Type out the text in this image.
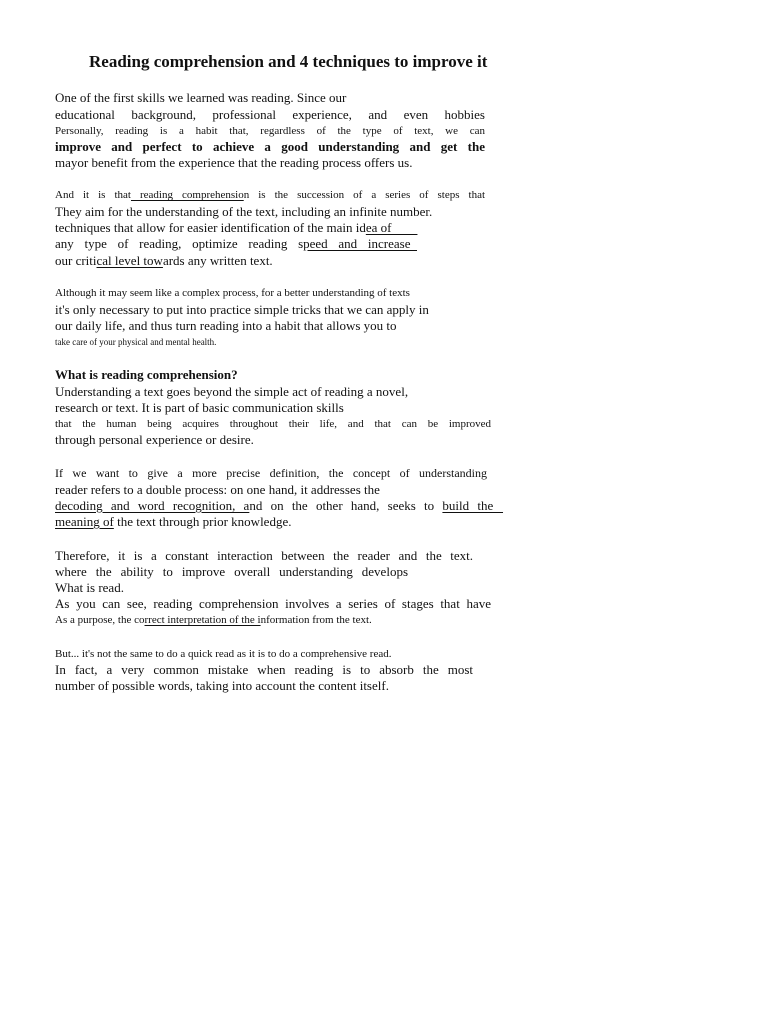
Reading comprehension and 4 techniques to improve it

One of the first skills we learned was reading. Since our

educational background, professional experience, and even hobbies

Personally, reading is a habit that, regardless of the type of text, we can

improve and perfect to achieve a good understanding and get the

mayor benefit from the experience that the reading process offers us.

And it is that reading comprehension is the succession of a series of steps that

They aim for the understanding of the text, including an infinite number.

techniques that allow for easier identification of the main idea of

any type of reading, optimize reading speed and increase

our critical level towards any written text.

Although it may seem like a complex process, for a better understanding of texts

it's only necessary to put into practice simple tricks that we can apply in

our daily life, and thus turn reading into a habit that allows you to

take care of your physical and mental health.

What is reading comprehension?

Understanding a text goes beyond the simple act of reading a novel,

research or text. It is part of basic communication skills

that the human being acquires throughout their life, and that can be improved

through personal experience or desire.

If we want to give a more precise definition, the concept of understanding

reader refers to a double process: on one hand, it addresses the

decoding and word recognition, and on the other hand, seeks to build the

meaning of the text through prior knowledge.

Therefore, it is a constant interaction between the reader and the text.

where the ability to improve overall understanding develops

What is read.

As you can see, reading comprehension involves a series of stages that have

As a purpose, the correct interpretation of the information from the text.

But... it's not the same to do a quick read as it is to do a comprehensive read.

In fact, a very common mistake when reading is to absorb the most

number of possible words, taking into account the content itself.
